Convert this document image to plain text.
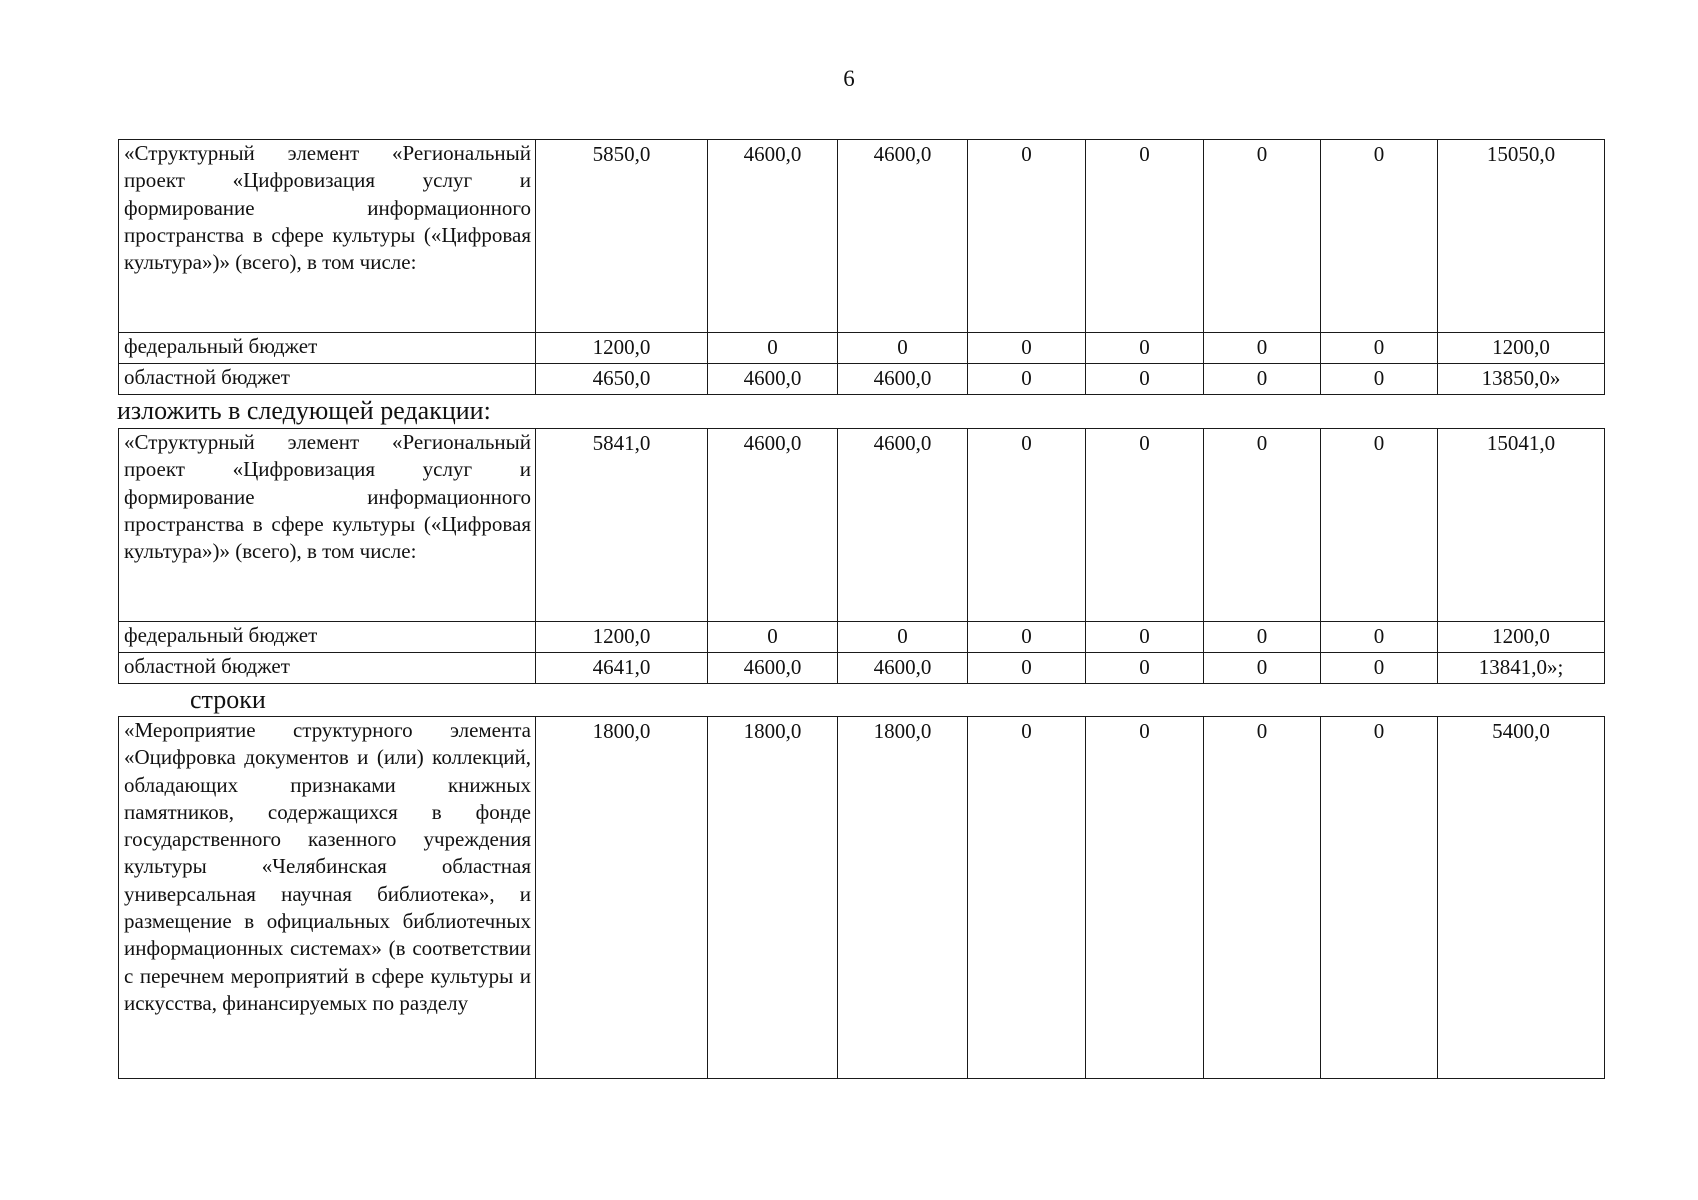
6
«Структурный элемент «Региональный проект «Цифровизация услуг и формирование информационного пространства в сфере культуры («Цифровая культура»)» (всего), в том числе:	5850,0	4600,0	4600,0	0	0	0	0	15050,0
федеральный бюджет	1200,0	0	0	0	0	0	0	1200,0
областной бюджет	4650,0	4600,0	4600,0	0	0	0	0	13850,0»
изложить в следующей редакции:
«Структурный элемент «Региональный проект «Цифровизация услуг и формирование информационного пространства в сфере культуры («Цифровая культура»)» (всего), в том числе:	5841,0	4600,0	4600,0	0	0	0	0	15041,0
федеральный бюджет	1200,0	0	0	0	0	0	0	1200,0
областной бюджет	4641,0	4600,0	4600,0	0	0	0	0	13841,0»;
строки
«Мероприятие структурного элемента «Оцифровка документов и (или) коллекций, обладающих признаками книжных памятников, содержащихся в фонде государственного казенного учреждения культуры «Челябинская областная универсальная научная библиотека», и размещение в официальных библиотечных информационных системах» (в соответствии с перечнем мероприятий в сфере культуры и искусства, финансируемых по разделу	1800,0	1800,0	1800,0	0	0	0	0	5400,0
